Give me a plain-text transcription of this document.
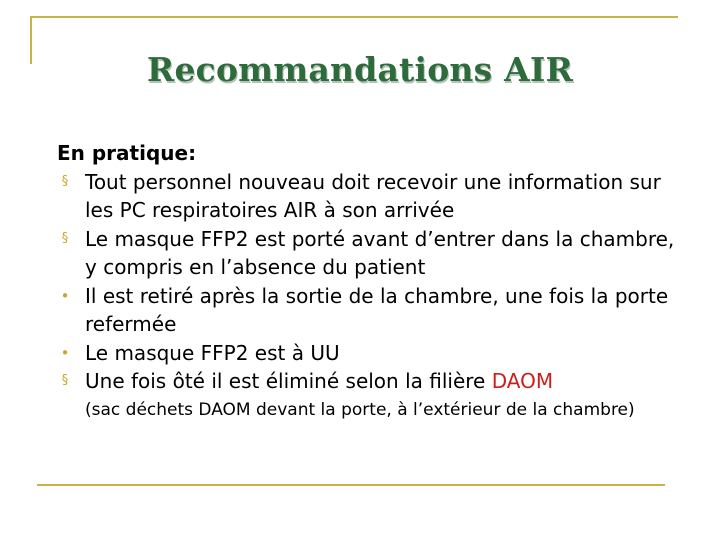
Recommandations AIR
En pratique:
§ Tout personnel nouveau doit recevoir une information sur les PC respiratoires AIR à son arrivée
§ Le masque FFP2 est porté avant d’entrer dans la chambre, y compris en l’absence du patient
• Il est retiré après la sortie de la chambre, une fois la porte refermée
• Le masque FFP2 est à UU
§ Une fois ôté il est éliminé selon la filière DAOM
(sac déchets DAOM devant la porte, à l’extérieur de la chambre)
